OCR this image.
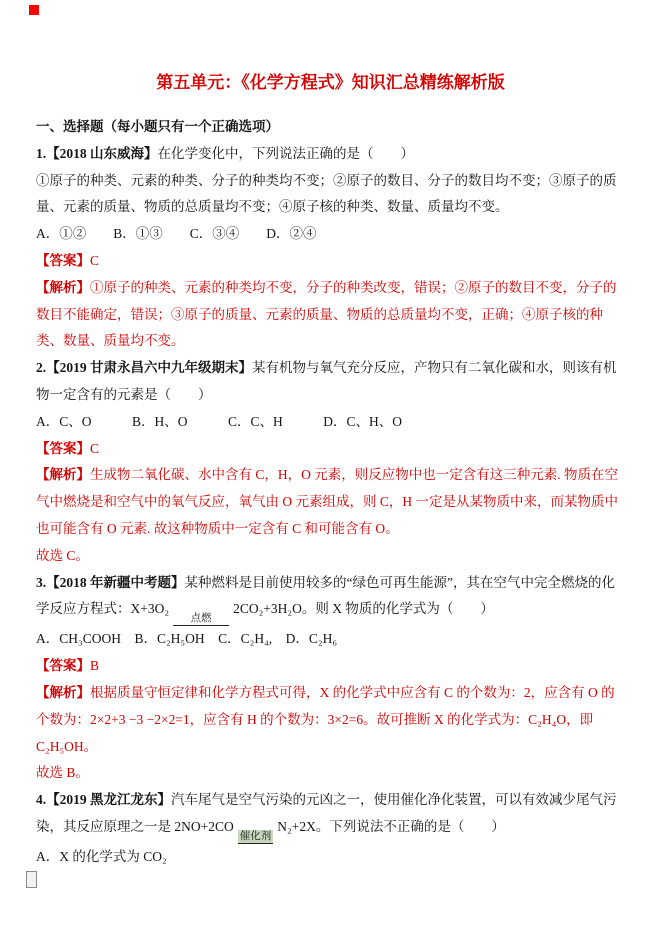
第五单元：《化学方程式》知识汇总精练解析版

一、选择题（每小题只有一个正确选项）

1.【2018 山东威海】在化学变化中，下列说法正确的是（　　）

①原子的种类、元素的种类、分子的种类均不变；②原子的数目、分子的数目均不变；③原子的质量、元素的质量、物质的总质量均不变；④原子核的种类、数量、质量均不变。

A．①②　　B．①③　　C．③④　　D．②④

【答案】C

【解析】①原子的种类、元素的种类均不变，分子的种类改变，错误；②原子的数目不变，分子的数目不能确定，错误；③原子的质量、元素的质量、物质的总质量均不变，正确；④原子核的种类、数量、质量均不变。

2.【2019 甘肃永昌六中九年级期末】某有机物与氧气充分反应，产物只有二氧化碳和水，则该有机物一定含有的元素是（　　）

A．C、O　　　B．H、O　　　C．C、H　　　D．C、H、O

【答案】C

【解析】生成物二氧化碳、水中含有 C，H，O 元素，则反应物中也一定含有这三种元素. 物质在空气中燃烧是和空气中的氧气反应，氧气由 O 元素组成，则 C，H 一定是从某物质中来，而某物质中也可能含有 O 元素. 故这种物质中一定含有 C 和可能含有 O。

故选 C。

3.【2018 年新疆中考题】某种燃料是目前使用较多的“绿色可再生能源”，其在空气中完全燃烧的化学反应方程式：X+3O₂
点燃
2CO₂+3H₂O。则 X 物质的化学式为（　　）

A．CH₃COOH　B．C₂H₅OH　C．C₂H₄,　D．C₂H₆

【答案】B

【解析】根据质量守恒定律和化学方程式可得，X 的化学式中应含有 C 的个数为：2，应含有 O 的个数为：2×2+3 −3 −2×2=1，应含有 H 的个数为：3×2=6。故可推断 X 的化学式为：C₂H₄O，即 C₂H₅OH。

故选 B。

4.【2019 黑龙江龙东】汽车尾气是空气污染的元凶之一，使用催化净化装置，可以有效减少尾气污染，其反应原理之一是 2NO+2CO
催化剂
N₂+2X。下列说法不正确的是（　　）

A．X 的化学式为 CO₂
